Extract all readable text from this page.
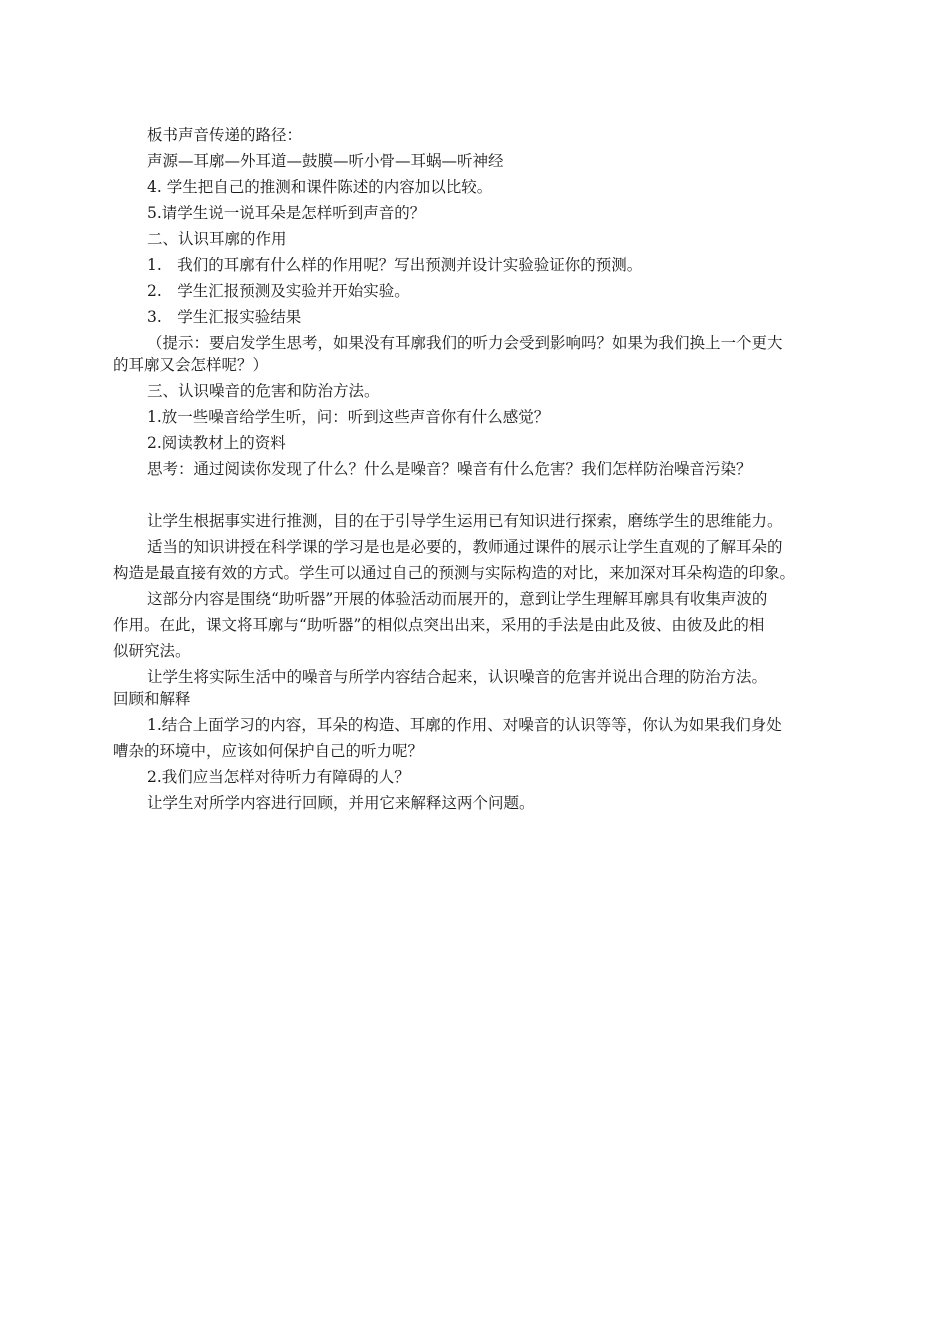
板书声音传递的路径：
声源—耳廓—外耳道—鼓膜—听小骨—耳蜗—听神经
4. 学生把自己的推测和课件陈述的内容加以比较。
5.请学生说一说耳朵是怎样听到声音的？
二、认识耳廓的作用
1.　我们的耳廓有什么样的作用呢？写出预测并设计实验验证你的预测。
2.　学生汇报预测及实验并开始实验。
3.　学生汇报实验结果
（提示：要启发学生思考，如果没有耳廓我们的听力会受到影响吗？如果为我们换上一个更大
的耳廓又会怎样呢？）
三、认识噪音的危害和防治方法。
1.放一些噪音给学生听，问：听到这些声音你有什么感觉？
2.阅读教材上的资料
思考：通过阅读你发现了什么？什么是噪音？噪音有什么危害？我们怎样防治噪音污染？
让学生根据事实进行推测，目的在于引导学生运用已有知识进行探索，磨练学生的思维能力。
适当的知识讲授在科学课的学习是也是必要的，教师通过课件的展示让学生直观的了解耳朵的
构造是最直接有效的方式。学生可以通过自己的预测与实际构造的对比，来加深对耳朵构造的印象。
这部分内容是围绕“助听器”开展的体验活动而展开的，意到让学生理解耳廓具有收集声波的
作用。在此，课文将耳廓与“助听器”的相似点突出出来，采用的手法是由此及彼、由彼及此的相
似研究法。
让学生将实际生活中的噪音与所学内容结合起来，认识噪音的危害并说出合理的防治方法。
回顾和解释
1.结合上面学习的内容，耳朵的构造、耳廓的作用、对噪音的认识等等，你认为如果我们身处
嘈杂的环境中，应该如何保护自己的听力呢？
2.我们应当怎样对待听力有障碍的人？
让学生对所学内容进行回顾，并用它来解释这两个问题。
